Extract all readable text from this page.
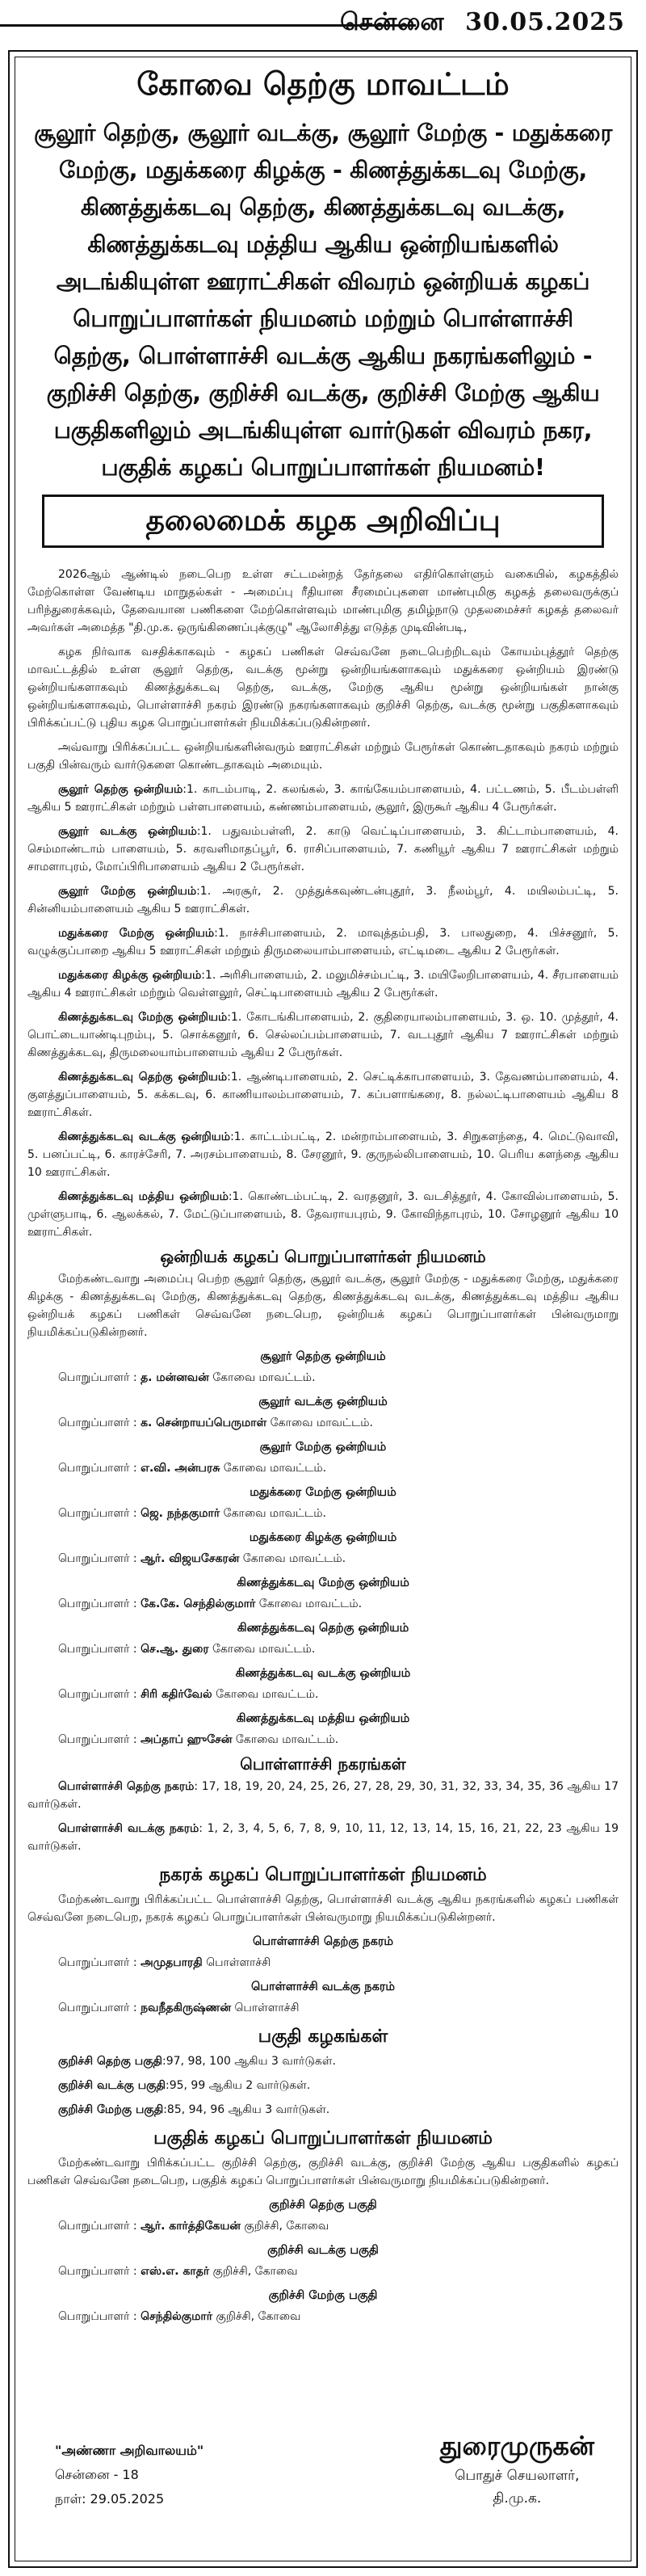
சென்னை 30.05.2025
கோவை தெற்கு மாவட்டம்
சூலூர் தெற்கு, சூலூர் வடக்கு, சூலூர் மேற்கு - மதுக்கரை மேற்கு, மதுக்கரை கிழக்கு - கிணத்துக்கடவு மேற்கு, கிணத்துக்கடவு தெற்கு, கிணத்துக்கடவு வடக்கு, கிணத்துக்கடவு மத்திய ஆகிய ஒன்றியங்களில் அடங்கியுள்ள ஊராட்சிகள் விவரம் ஒன்றியக் கழகப் பொறுப்பாளர்கள் நியமனம் மற்றும் பொள்ளாச்சி தெற்கு, பொள்ளாச்சி வடக்கு ஆகிய நகரங்களிலும் - குறிச்சி தெற்கு, குறிச்சி வடக்கு, குறிச்சி மேற்கு ஆகிய பகுதிகளிலும் அடங்கியுள்ள வார்டுகள் விவரம் நகர, பகுதிக் கழகப் பொறுப்பாளர்கள் நியமனம்!
தலைமைக் கழக அறிவிப்பு

2026ஆம் ஆண்டில் நடைபெற உள்ள சட்டமன்றத் தேர்தலை எதிர்கொள்ளும் வகையில், கழகத்தில் மேற்கொள்ள வேண்டிய மாறுதல்கள் - அமைப்பு ரீதியான சீரமைப்புகளை மாண்புமிகு கழகத் தலைவருக்குப் பரிந்துரைக்கவும், தேவையான பணிகளை மேற்கொள்ளவும் மாண்புமிகு தமிழ்நாடு முதலமைச்சர் கழகத் தலைவர் அவர்கள் அமைத்த "தி.மு.க. ஒருங்கிணைப்புக்குழு" ஆலோசித்து எடுத்த முடிவின்படி,

கழக நிர்வாக வசதிக்காகவும் - கழகப் பணிகள் செவ்வனே நடைபெற்றிடவும் கோயம்புத்தூர் தெற்கு மாவட்டத்தில் உள்ள சூலூர் தெற்கு, வடக்கு மூன்று ஒன்றியங்களாகவும் மதுக்கரை ஒன்றியம் இரண்டு ஒன்றியங்களாகவும் கிணத்துக்கடவு தெற்கு, வடக்கு, மேற்கு ஆகிய மூன்று ஒன்றியங்கள் நான்கு ஒன்றியங்களாகவும், பொள்ளாச்சி நகரம் இரண்டு நகரங்களாகவும் குறிச்சி தெற்கு, வடக்கு மூன்று பகுதிகளாகவும் பிரிக்கப்பட்டு புதிய கழக பொறுப்பாளர்கள் நியமிக்கப்படுகின்றனர்.

அவ்வாறு பிரிக்கப்பட்ட ஒன்றியங்களின்வரும் ஊராட்சிகள் மற்றும் பேரூர்கள் கொண்டதாகவும் நகரம் மற்றும் பகுதி பின்வரும் வார்டுகளை கொண்டதாகவும் அமையும்.

சூலூர் தெற்கு ஒன்றியம்:1. காடம்பாடி, 2. கலங்கல், 3. காங்கேயம்பாளையம், 4. பட்டணம், 5. பீடம்பள்ளி ஆகிய 5 ஊராட்சிகள் மற்றும் பள்ளபாளையம், கண்ணம்பாளையம், சூலூர், இருகூர் ஆகிய 4 பேரூர்கள்.

சூலூர் வடக்கு ஒன்றியம்:1. பதுவம்பள்ளி, 2. காடு வெட்டிப்பாளையம், 3. கிட்டாம்பாளையம், 4. செம்மாண்டாம் பாளையம், 5. கரவளிமாதப்பூர், 6. ராசிப்பாளையம், 7. கணியூர் ஆகிய 7 ஊராட்சிகள் மற்றும் சாமளாபுரம், மோப்பிரிபாளையம் ஆகிய 2 பேரூர்கள்.

சூலூர் மேற்கு ஒன்றியம்:1. அரசூர், 2. முத்துக்கவுண்டன்புதூர், 3. நீலம்பூர், 4. மயிலம்பட்டி, 5. சின்னியம்பாளையம் ஆகிய 5 ஊராட்சிகள்.

மதுக்கரை மேற்கு ஒன்றியம்:1. நாச்சிபாளையம், 2. மாவுத்தம்பதி, 3. பாலதுறை, 4. பிச்சனூர், 5. வழுக்குப்பாறை ஆகிய 5 ஊராட்சிகள் மற்றும் திருமலையாம்பாளையம், எட்டிமடை ஆகிய 2 பேரூர்கள்.

மதுக்கரை கிழக்கு ஒன்றியம்:1. அரிசிபாளையம், 2. மலுமிச்சம்பட்டி, 3. மயிலேறிபாளையம், 4. சீரபாளையம் ஆகிய 4 ஊராட்சிகள் மற்றும் வெள்ளலூர், செட்டிபாளையம் ஆகிய 2 பேரூர்கள்.

கிணத்துக்கடவு மேற்கு ஒன்றியம்:1. கோடங்கிபாளையம், 2. குதிரையாலம்பாளையம், 3. ஒ. 10. முத்தூர், 4. பொட்டையாண்டிபுறம்பு, 5. சொக்கனூர், 6. செல்லப்பம்பாளையம், 7. வடபுதூர் ஆகிய 7 ஊராட்சிகள் மற்றும் கிணத்துக்கடவு, திருமலையாம்பாளையம் ஆகிய 2 பேரூர்கள்.

கிணத்துக்கடவு தெற்கு ஒன்றியம்:1. ஆண்டிபாளையம், 2. செட்டிக்காபாளையம், 3. தேவணம்பாளையம், 4. குளத்துப்பாளையம், 5. கக்கடவு, 6. காணியாலம்பாளையம், 7. கப்பளாங்கரை, 8. நல்லட்டிபாளையம் ஆகிய 8 ஊராட்சிகள்.

கிணத்துக்கடவு வடக்கு ஒன்றியம்:1. காட்டம்பட்டி, 2. மன்றாம்பாளையம், 3. சிறுகளந்தை, 4. மெட்டுவாவி, 5. பனப்பட்டி, 6. காரச்சேரி, 7. அரசம்பாளையம், 8. சேரனூர், 9. குருநல்லிபாளையம், 10. பெரிய களந்தை ஆகிய 10 ஊராட்சிகள்.

கிணத்துக்கடவு மத்திய ஒன்றியம்:1. கொண்டம்பட்டி, 2. வரதனூர், 3. வடசித்தூர், 4. கோவில்பாளையம், 5. முள்ளுபாடி, 6. ஆலக்கல், 7. மேட்டுப்பாளையம், 8. தேவராயபுரம், 9. கோவிந்தாபுரம், 10. சோழனூர் ஆகிய 10 ஊராட்சிகள்.

ஒன்றியக் கழகப் பொறுப்பாளர்கள் நியமனம்

மேற்கண்டவாறு அமைப்பு பெற்ற சூலூர் தெற்கு, சூலூர் வடக்கு, சூலூர் மேற்கு - மதுக்கரை மேற்கு, மதுக்கரை கிழக்கு - கிணத்துக்கடவு மேற்கு, கிணத்துக்கடவு தெற்கு, கிணத்துக்கடவு வடக்கு, கிணத்துக்கடவு மத்திய ஆகிய ஒன்றியக் கழகப் பணிகள் செவ்வனே நடைபெற, ஒன்றியக் கழகப் பொறுப்பாளர்கள் பின்வருமாறு நியமிக்கப்படுகின்றனர்.

சூலூர் தெற்கு ஒன்றியம்

பொறுப்பாளர் : த. மன்னவன் கோவை மாவட்டம்.

சூலூர் வடக்கு ஒன்றியம்

பொறுப்பாளர் : க. சென்றாயப்பெருமாள் கோவை மாவட்டம்.

சூலூர் மேற்கு ஒன்றியம்

பொறுப்பாளர் : எ.வி. அன்பரசு கோவை மாவட்டம்.

மதுக்கரை மேற்கு ஒன்றியம்

பொறுப்பாளர் : ஜெ. நந்தகுமார் கோவை மாவட்டம்.

மதுக்கரை கிழக்கு ஒன்றியம்

பொறுப்பாளர் : ஆர். விஜயசேகரன் கோவை மாவட்டம்.

கிணத்துக்கடவு மேற்கு ஒன்றியம்

பொறுப்பாளர் : கே.கே. செந்தில்குமார் கோவை மாவட்டம்.

கிணத்துக்கடவு தெற்கு ஒன்றியம்

பொறுப்பாளர் : செ.ஆ. துரை கோவை மாவட்டம்.

கிணத்துக்கடவு வடக்கு ஒன்றியம்

பொறுப்பாளர் : சிரி கதிர்வேல் கோவை மாவட்டம்.

கிணத்துக்கடவு மத்திய ஒன்றியம்

பொறுப்பாளர் : அப்தாப் ஹுசேன் கோவை மாவட்டம்.

பொள்ளாச்சி நகரங்கள்

பொள்ளாச்சி தெற்கு நகரம்: 17, 18, 19, 20, 24, 25, 26, 27, 28, 29, 30, 31, 32, 33, 34, 35, 36 ஆகிய 17 வார்டுகள்.

பொள்ளாச்சி வடக்கு நகரம்: 1, 2, 3, 4, 5, 6, 7, 8, 9, 10, 11, 12, 13, 14, 15, 16, 21, 22, 23 ஆகிய 19 வார்டுகள்.

நகரக் கழகப் பொறுப்பாளர்கள் நியமனம்

மேற்கண்டவாறு பிரிக்கப்பட்ட பொள்ளாச்சி தெற்கு, பொள்ளாச்சி வடக்கு ஆகிய நகரங்களில் கழகப் பணிகள் செவ்வனே நடைபெற, நகரக் கழகப் பொறுப்பாளர்கள் பின்வருமாறு நியமிக்கப்படுகின்றனர்.

பொள்ளாச்சி தெற்கு நகரம்

பொறுப்பாளர் : அமுதபாரதி பொள்ளாச்சி

பொள்ளாச்சி வடக்கு நகரம்

பொறுப்பாளர் : நவநீதகிருஷ்ணன் பொள்ளாச்சி

பகுதி கழகங்கள்

குறிச்சி தெற்கு பகுதி:97, 98, 100 ஆகிய 3 வார்டுகள்.

குறிச்சி வடக்கு பகுதி:95, 99 ஆகிய 2 வார்டுகள்.

குறிச்சி மேற்கு பகுதி:85, 94, 96 ஆகிய 3 வார்டுகள்.

பகுதிக் கழகப் பொறுப்பாளர்கள் நியமனம்

மேற்கண்டவாறு பிரிக்கப்பட்ட குறிச்சி தெற்கு, குறிச்சி வடக்கு, குறிச்சி மேற்கு ஆகிய பகுதிகளில் கழகப் பணிகள் செவ்வனே நடைபெற, பகுதிக் கழகப் பொறுப்பாளர்கள் பின்வருமாறு நியமிக்கப்படுகின்றனர்.

குறிச்சி தெற்கு பகுதி

பொறுப்பாளர் : ஆர். கார்த்திகேயன் குறிச்சி, கோவை

குறிச்சி வடக்கு பகுதி

பொறுப்பாளர் : எஸ்.எ. காதர் குறிச்சி, கோவை

குறிச்சி மேற்கு பகுதி

பொறுப்பாளர் : செந்தில்குமார் குறிச்சி, கோவை

"அண்ணா அறிவாலயம்"
சென்னை - 18
நாள்: 29.05.2025
துரைமுருகன்
பொதுச் செயலாளர்,
தி.மு.க.
